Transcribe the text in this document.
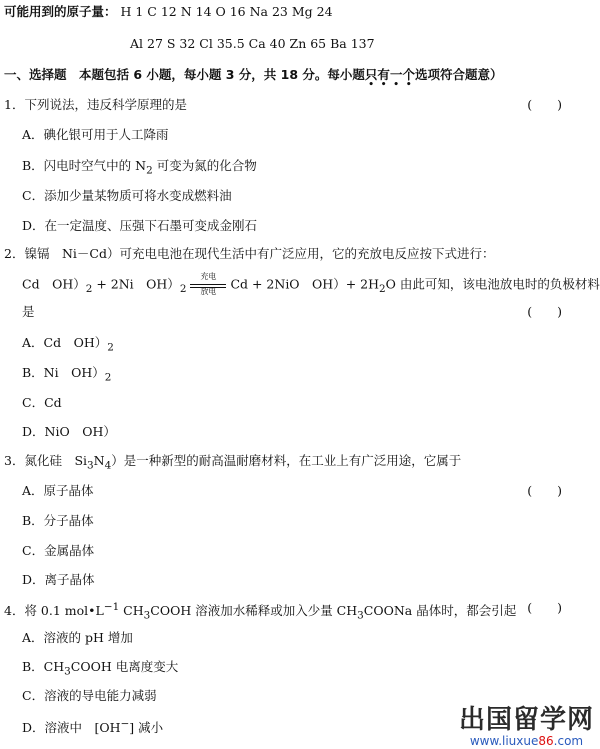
可能用到的原子量： H 1 C 12 N 14 O 16 Na 23 Mg 24
Al 27 S 32 Cl 35.5 Ca 40 Zn 65 Ba 137
一、选择题　本题包括 6 小题，每小题 3 分，共 18 分。每小题只有一个选项符合题意）
1．下列说法，违反科学原理的是	(　　)
A．碘化银可用于人工降雨
B．闪电时空气中的 $N_2$ 可变为氮的化合物
C．添加少量某物质可将水变成燃料油
D．在一定温度、压强下石墨可变成金刚石
2．镍镉　Ni－Cd）可充电电池在现代生活中有广泛应用，它的充放电反应按下式进行：
Cd　$OH)_2 + 2Ni$　$OH)_2$
充电
放电	Cd + 2NiO　$OH)+ 2H_2O$ 由此可知，该电池放电时的负极材料
是	(　　)
A．Cd　$OH)_2$
B．Ni　$OH)_2$
C．Cd
D．NiO　OH）
3．氮化硅　$Si_3N_4$）是一种新型的耐高温耐磨材料，在工业上有广泛用途，它属于
(　　)
A．原子晶体
B．分子晶体
C．金属晶体
D．离子晶体
4．将 0.1 $mol•L^{-1}$ $CH_3COOH$ 溶液加水稀释或加入少量 $CH_3COONa$ 晶体时，都会引起 (　　)
A．溶液的 pH 增加
B．$CH_3COOH$ 电离度变大
C．溶液的导电能力减弱
D．溶液中　[OH−] 减小	出国留学网
www.liuxue86.com
